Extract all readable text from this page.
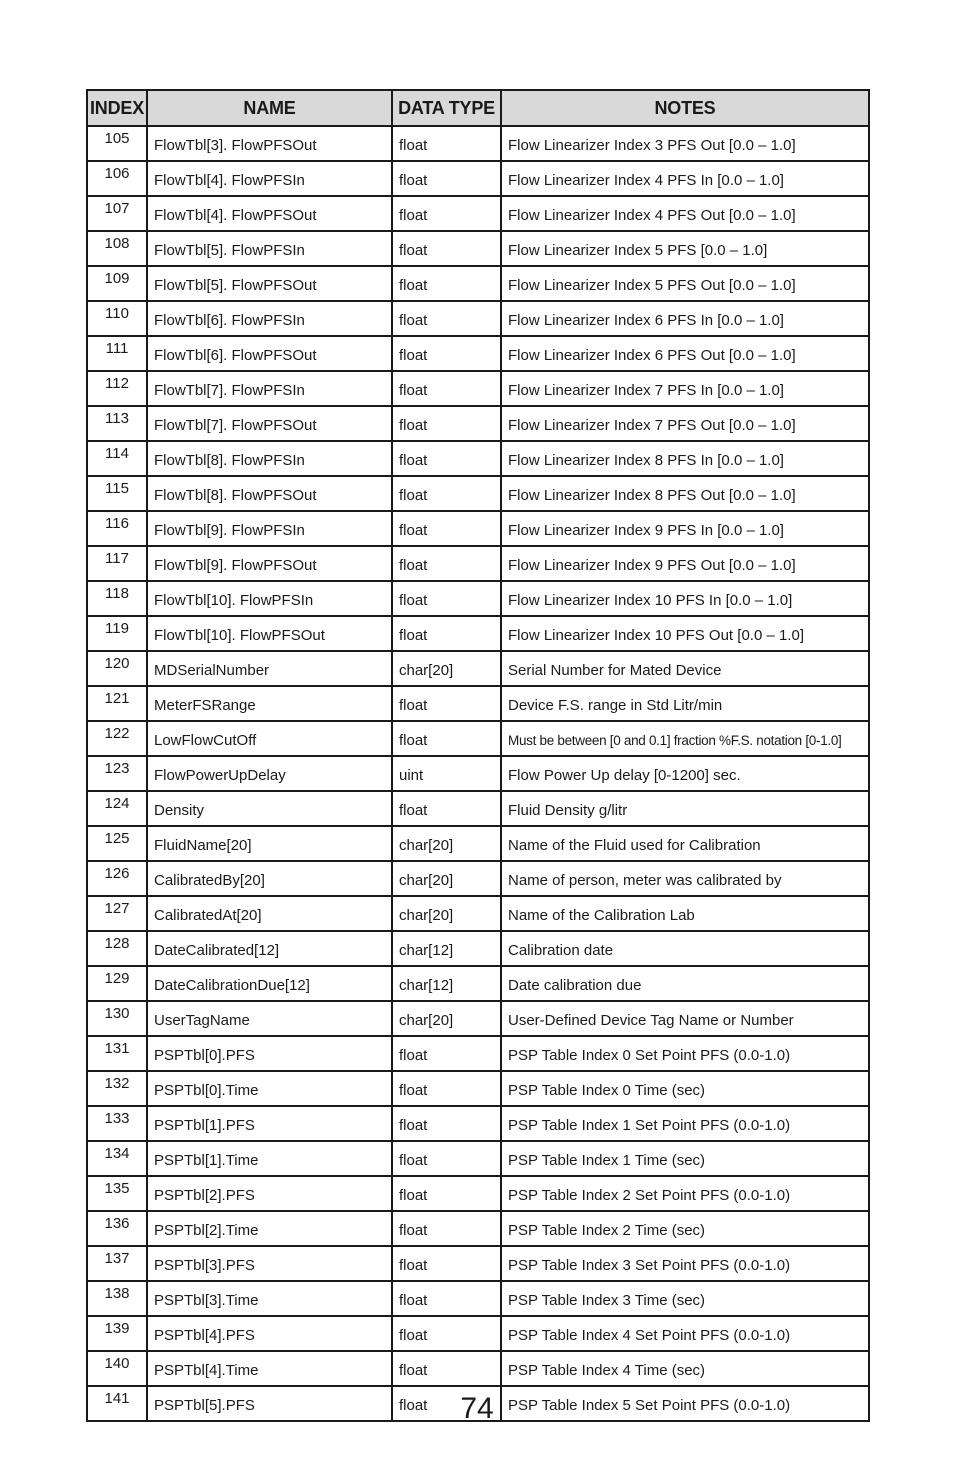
INDEX	NAME	DATA TYPE	NOTES
105	FlowTbl[3]. FlowPFSOut	float	Flow Linearizer Index 3 PFS Out [0.0 – 1.0]
106	FlowTbl[4]. FlowPFSIn	float	Flow Linearizer Index 4 PFS In [0.0 – 1.0]
107	FlowTbl[4]. FlowPFSOut	float	Flow Linearizer Index 4 PFS Out [0.0 – 1.0]
108	FlowTbl[5]. FlowPFSIn	float	Flow Linearizer Index 5 PFS [0.0 – 1.0]
109	FlowTbl[5]. FlowPFSOut	float	Flow Linearizer Index 5 PFS Out [0.0 – 1.0]
110	FlowTbl[6]. FlowPFSIn	float	Flow Linearizer Index 6 PFS In [0.0 – 1.0]
111	FlowTbl[6]. FlowPFSOut	float	Flow Linearizer Index 6 PFS Out [0.0 – 1.0]
112	FlowTbl[7]. FlowPFSIn	float	Flow Linearizer Index 7 PFS In [0.0 – 1.0]
113	FlowTbl[7]. FlowPFSOut	float	Flow Linearizer Index 7 PFS Out [0.0 – 1.0]
114	FlowTbl[8]. FlowPFSIn	float	Flow Linearizer Index 8 PFS In [0.0 – 1.0]
115	FlowTbl[8]. FlowPFSOut	float	Flow Linearizer Index 8 PFS Out [0.0 – 1.0]
116	FlowTbl[9]. FlowPFSIn	float	Flow Linearizer Index 9 PFS In [0.0 – 1.0]
117	FlowTbl[9]. FlowPFSOut	float	Flow Linearizer Index 9 PFS Out [0.0 – 1.0]
118	FlowTbl[10]. FlowPFSIn	float	Flow Linearizer Index 10 PFS In [0.0 – 1.0]
119	FlowTbl[10]. FlowPFSOut	float	Flow Linearizer Index 10 PFS Out [0.0 – 1.0]
120	MDSerialNumber	char[20]	Serial Number for Mated Device
121	MeterFSRange	float	Device F.S. range in Std Litr/min
122	LowFlowCutOff	float	Must be between [0 and 0.1] fraction %F.S. notation [0-1.0]
123	FlowPowerUpDelay	uint	Flow Power Up delay [0-1200] sec.
124	Density	float	Fluid Density g/litr
125	FluidName[20]	char[20]	Name of the Fluid used for Calibration
126	CalibratedBy[20]	char[20]	Name of person, meter was calibrated by
127	CalibratedAt[20]	char[20]	Name of the Calibration Lab
128	DateCalibrated[12]	char[12]	Calibration date
129	DateCalibrationDue[12]	char[12]	Date calibration due
130	UserTagName	char[20]	User-Defined Device Tag Name or Number
131	PSPTbl[0].PFS	float	PSP Table Index 0 Set Point PFS (0.0-1.0)
132	PSPTbl[0].Time	float	PSP Table Index 0 Time (sec)
133	PSPTbl[1].PFS	float	PSP Table Index 1 Set Point PFS (0.0-1.0)
134	PSPTbl[1].Time	float	PSP Table Index 1 Time (sec)
135	PSPTbl[2].PFS	float	PSP Table Index 2 Set Point PFS (0.0-1.0)
136	PSPTbl[2].Time	float	PSP Table Index 2 Time (sec)
137	PSPTbl[3].PFS	float	PSP Table Index 3 Set Point PFS (0.0-1.0)
138	PSPTbl[3].Time	float	PSP Table Index 3 Time (sec)
139	PSPTbl[4].PFS	float	PSP Table Index 4 Set Point PFS (0.0-1.0)
140	PSPTbl[4].Time	float	PSP Table Index 4 Time (sec)
141	PSPTbl[5].PFS	float	PSP Table Index 5 Set Point PFS (0.0-1.0)
74
